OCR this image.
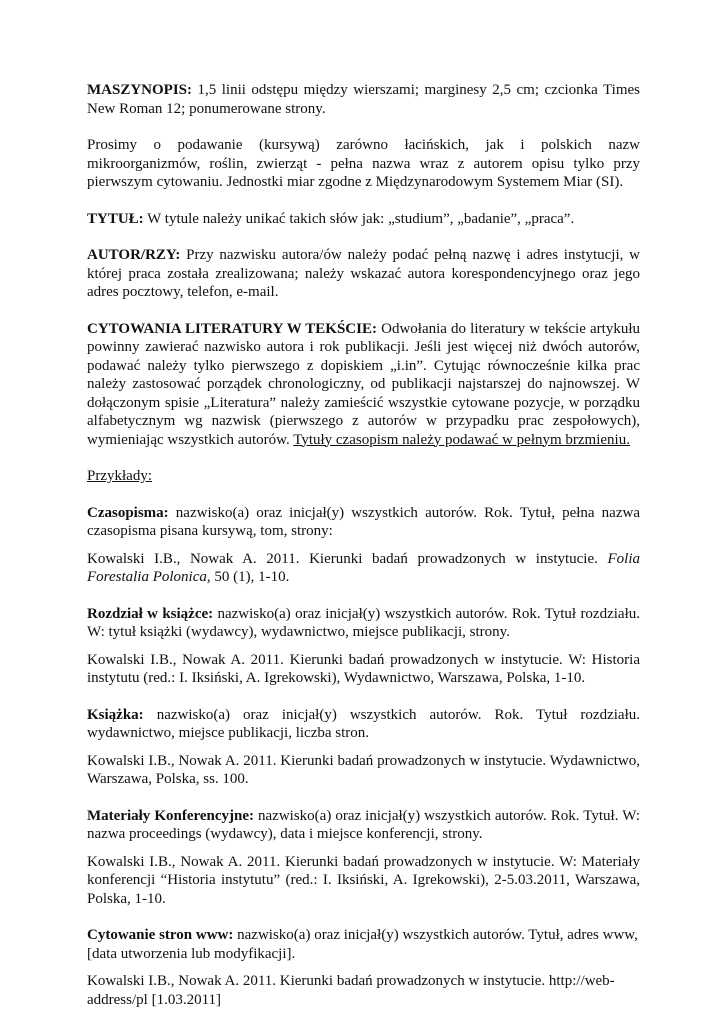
MASZYNOPIS: 1,5 linii odstępu między wierszami; marginesy 2,5 cm; czcionka Times New Roman 12; ponumerowane strony.

Prosimy o podawanie (kursywą) zarówno łacińskich, jak i polskich nazw mikroorganizmów, roślin, zwierząt - pełna nazwa wraz z autorem opisu tylko przy pierwszym cytowaniu. Jednostki miar zgodne z Międzynarodowym Systemem Miar (SI).

TYTUŁ: W tytule należy unikać takich słów jak: „studium”, „badanie”, „praca”.

AUTOR/RZY: Przy nazwisku autora/ów należy podać pełną nazwę i adres instytucji, w której praca została zrealizowana; należy wskazać autora korespondencyjnego oraz jego adres pocztowy, telefon, e-mail.

CYTOWANIA LITERATURY W TEKŚCIE: Odwołania do literatury w tekście artykułu powinny zawierać nazwisko autora i rok publikacji. Jeśli jest więcej niż dwóch autorów, podawać należy tylko pierwszego z dopiskiem „i.in”. Cytując równocześnie kilka prac należy zastosować porządek chronologiczny, od publikacji najstarszej do najnowszej. W dołączonym spisie „Literatura” należy zamieścić wszystkie cytowane pozycje, w porządku alfabetycznym wg nazwisk (pierwszego z autorów w przypadku prac zespołowych), wymieniając wszystkich autorów. Tytuły czasopism należy podawać w pełnym brzmieniu.

Przykłady:

Czasopisma: nazwisko(a) oraz inicjał(y) wszystkich autorów. Rok. Tytuł, pełna nazwa czasopisma pisana kursywą, tom, strony:

Kowalski I.B., Nowak A. 2011. Kierunki badań prowadzonych w instytucie. Folia Forestalia Polonica, 50 (1), 1-10.

Rozdział w książce: nazwisko(a) oraz inicjał(y) wszystkich autorów. Rok. Tytuł rozdziału. W: tytuł książki (wydawcy), wydawnictwo, miejsce publikacji, strony.

Kowalski I.B., Nowak A. 2011. Kierunki badań prowadzonych w instytucie. W: Historia instytutu (red.: I. Iksiński, A. Igrekowski), Wydawnictwo, Warszawa, Polska, 1-10.

Książka: nazwisko(a) oraz inicjał(y) wszystkich autorów. Rok. Tytuł rozdziału. wydawnictwo, miejsce publikacji, liczba stron.

Kowalski I.B., Nowak A. 2011. Kierunki badań prowadzonych w instytucie. Wydawnictwo, Warszawa, Polska, ss. 100.

Materiały Konferencyjne: nazwisko(a) oraz inicjał(y) wszystkich autorów. Rok. Tytuł. W: nazwa proceedings (wydawcy), data i miejsce konferencji, strony.

Kowalski I.B., Nowak A. 2011. Kierunki badań prowadzonych w instytucie. W: Materiały konferencji “Historia instytutu” (red.: I. Iksiński, A. Igrekowski), 2-5.03.2011, Warszawa, Polska, 1-10.

Cytowanie stron www: nazwisko(a) oraz inicjał(y) wszystkich autorów. Tytuł, adres www, [data utworzenia lub modyfikacji].

Kowalski I.B., Nowak A. 2011. Kierunki badań prowadzonych w instytucie. http://web-address/pl [1.03.2011]
